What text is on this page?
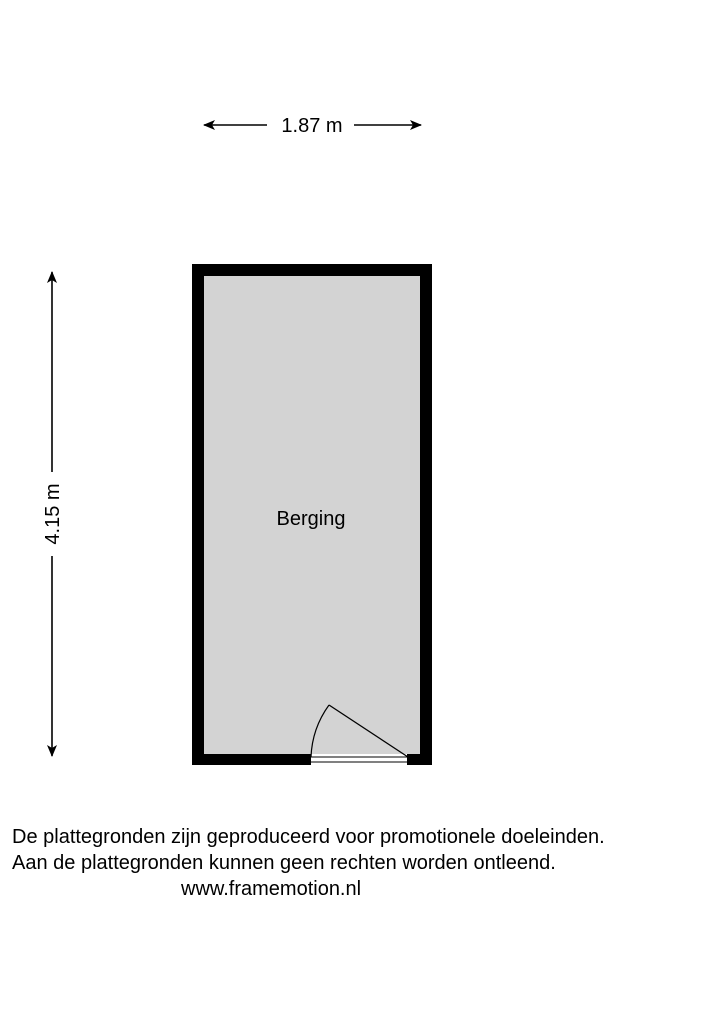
1.87 m
4.15 m	Berging
De plattegronden zijn geproduceerd voor promotionele doeleinden.
Aan de plattegronden kunnen geen rechten worden ontleend.
www.framemotion.nl
